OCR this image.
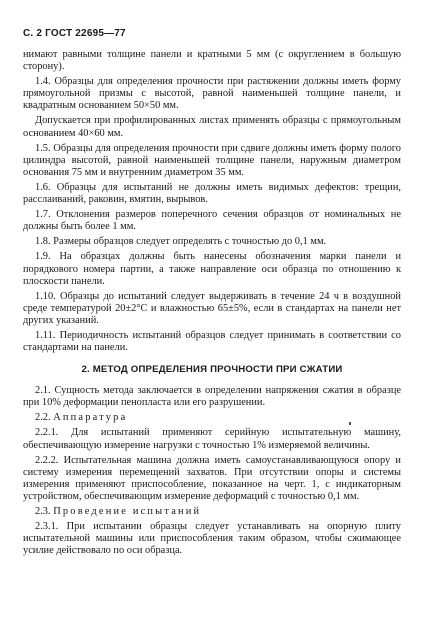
С. 2 ГОСТ 22695—77

нимают равными толщине панели и кратными 5 мм (с округлением в большую сторону).

1.4. Образцы для определения прочности при растяжении должны иметь форму прямоугольной призмы с высотой, равной наименьшей толщине панели, и квадратным основанием 50×50 мм.

Допускается при профилированных листах применять образцы с прямоугольным основанием 40×60 мм.

1.5. Образцы для определения прочности при сдвиге должны иметь форму полого цилиндра высотой, равной наименьшей толщине панели, наружным диаметром основания 75 мм и внутренним диаметром 35 мм.

1.6. Образцы для испытаний не должны иметь видимых дефектов: трещин, расслаиваний, раковин, вмятин, вырывов.

1.7. Отклонения размеров поперечного сечения образцов от номинальных не должны быть более 1 мм.

1.8. Размеры образцов следует определять с точностью до 0,1 мм.

1.9. На образцах должны быть нанесены обозначения марки панели и порядкового номера партии, а также направление оси образца по отношению к плоскости панели.

1.10. Образцы до испытаний следует выдерживать в течение 24 ч в воздушной среде температурой 20±2°С и влажностью 65±5%, если в стандартах на панели нет других указаний.

1.11. Периодичность испытаний образцов следует принимать в соответствии со стандартами на панели.

2. МЕТОД ОПРЕДЕЛЕНИЯ ПРОЧНОСТИ ПРИ СЖАТИИ

2.1. Сущность метода заключается в определении напряжения сжатия в образце при 10% деформации пенопласта или его разрушении.

2.2. Аппаратура

2.2.1. Для испытаний применяют серийную испытательную машину, обеспечивающую измерение нагрузки с точностью 1% измеряемой величины.

2.2.2. Испытательная машина должна иметь самоустанавливающуюся опору и систему измерения перемещений захватов. При отсутствии опоры и системы измерения применяют приспособление, показанное на черт. 1, с индикаторным устройством, обеспечивающим измерение деформаций с точностью 0,1 мм.

2.3. Проведение испытаний

2.3.1. При испытании образцы следует устанавливать на опорную плиту испытательной машины или приспособления таким образом, чтобы сжимающее усилие действовало по оси образца.
